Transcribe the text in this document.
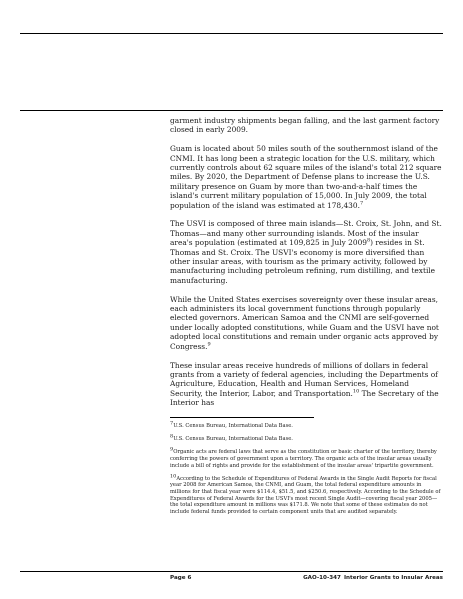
garment industry shipments began falling, and the last garment factory closed in early 2009.

Guam is located about 50 miles south of the southernmost island of the CNMI. It has long been a strategic location for the U.S. military, which currently controls about 62 square miles of the island's total 212 square miles. By 2020, the Department of Defense plans to increase the U.S. military presence on Guam by more than two-and-a-half times the island's current military population of 15,000. In July 2009, the total population of the island was estimated at 178,430.$^7$

The USVI is composed of three main islands—St. Croix, St. John, and St. Thomas—and many other surrounding islands. Most of the insular area's population (estimated at 109,825 in July 2009$^8$) resides in St. Thomas and St. Croix. The USVI's economy is more diversified than other insular areas, with tourism as the primary activity, followed by manufacturing including petroleum refining, rum distilling, and textile manufacturing.

While the United States exercises sovereignty over these insular areas, each administers its local government functions through popularly elected governors. American Samoa and the CNMI are self-governed under locally adopted constitutions, while Guam and the USVI have not adopted local constitutions and remain under organic acts approved by Congress.$^9$

These insular areas receive hundreds of millions of dollars in federal grants from a variety of federal agencies, including the Departments of Agriculture, Education, Health and Human Services, Homeland Security, the Interior, Labor, and Transportation.$^{10}$ The Secretary of the Interior has

$^7$U.S. Census Bureau, International Data Base.

$^8$U.S. Census Bureau, International Data Base.

$^9$Organic acts are federal laws that serve as the constitution or basic charter of the territory, thereby conferring the powers of government upon a territory. The organic acts of the insular areas usually include a bill of rights and provide for the establishment of the insular areas' tripartite government.

$^{10}$According to the Schedule of Expenditures of Federal Awards in the Single Audit Reports for fiscal year 2008 for American Samoa, the CNMI, and Guam, the total federal expenditure amounts in millions for that fiscal year were $114.4, $51.5, and $250.6, respectively. According to the Schedule of Expenditures of Federal Awards for the USVI's most recent Single Audit—covering fiscal year 2005—the total expenditure amount in millions was $171.8. We note that some of these estimates do not include federal funds provided to certain component units that are audited separately.

Page 6	GAO-10-347 Interior Grants to Insular Areas
